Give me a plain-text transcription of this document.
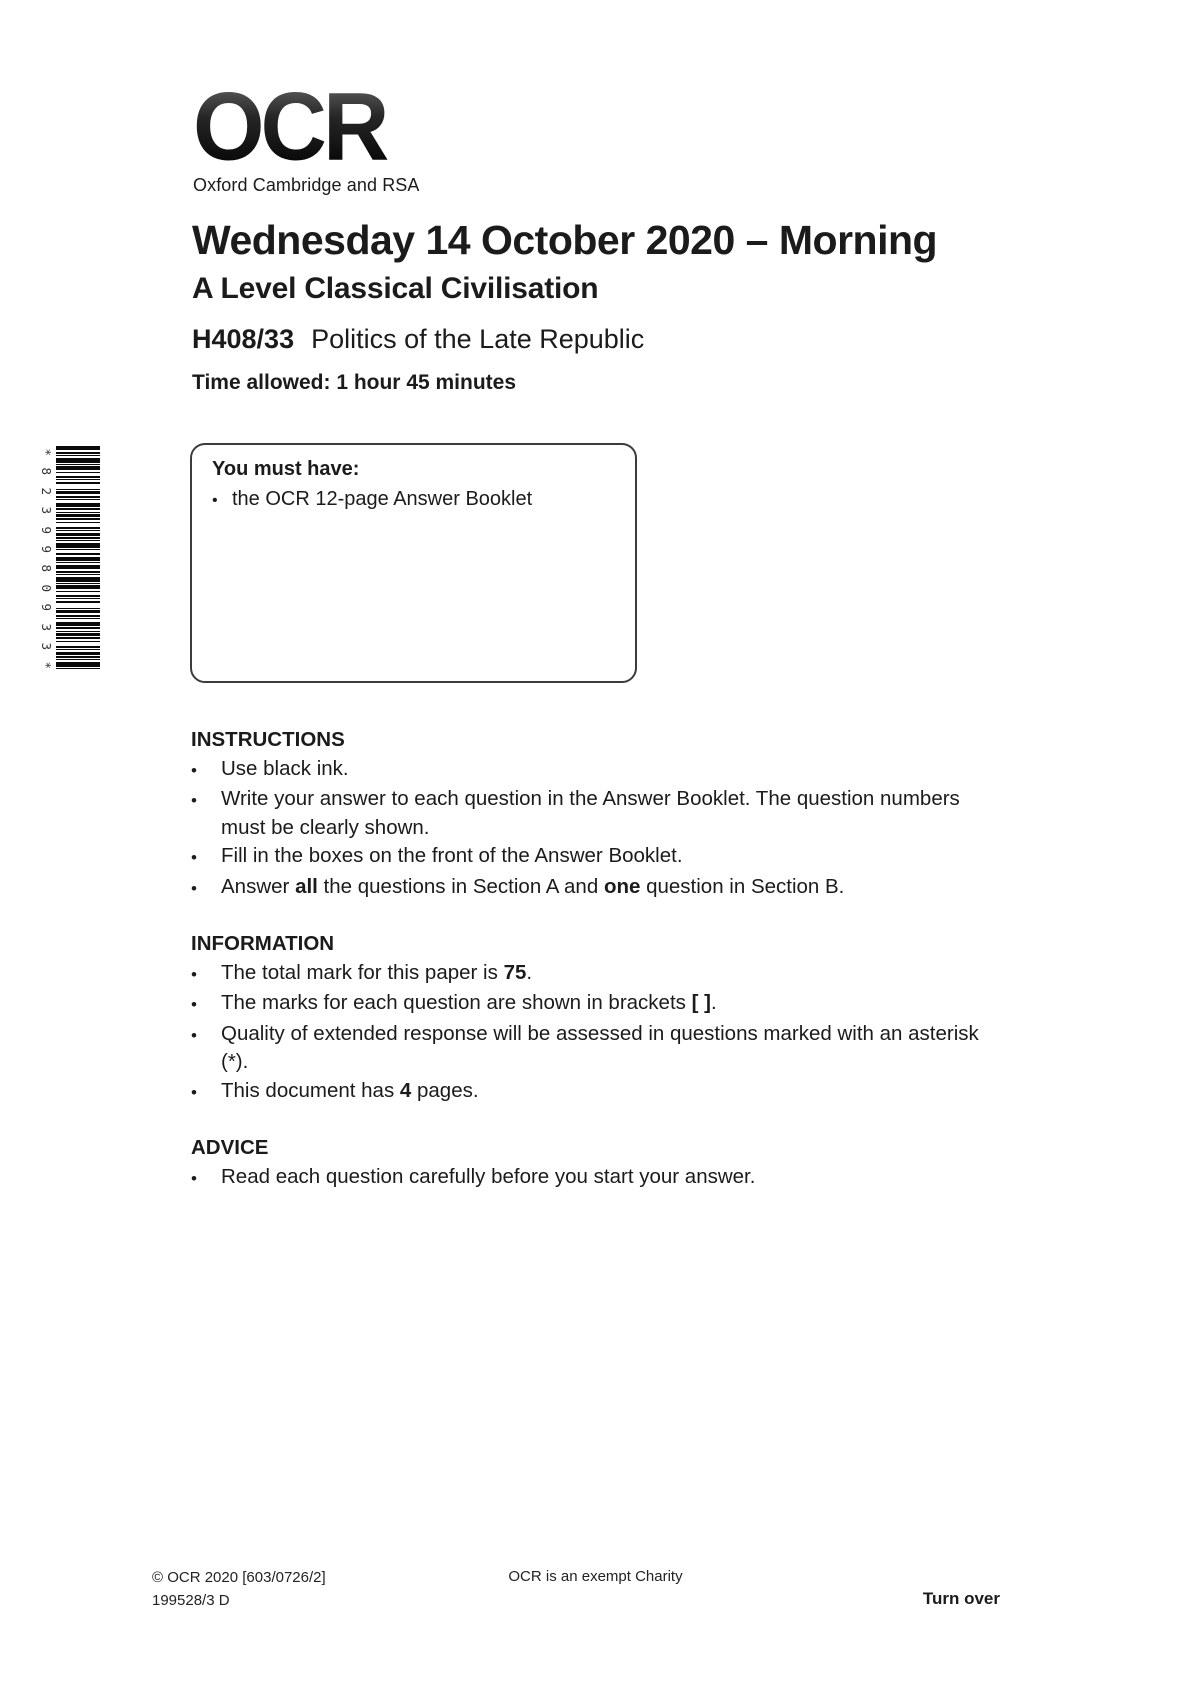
OCR
Oxford Cambridge and RSA
Wednesday 14 October 2020 – Morning
A Level Classical Civilisation
H408/33 Politics of the Late Republic
Time allowed: 1 hour 45 minutes
*
8
2
3
9
9
8
0
9
3
3
*
You must have:
• the OCR 12-page Answer Booklet
INSTRUCTIONS
•	Use black ink.
•	Write your answer to each question in the Answer Booklet. The question numbers must be clearly shown.
•	Fill in the boxes on the front of the Answer Booklet.
•	Answer all the questions in Section A and one question in Section B.
INFORMATION
•	The total mark for this paper is 75.
•	The marks for each question are shown in brackets [ ].
•	Quality of extended response will be assessed in questions marked with an asterisk (*).
•	This document has 4 pages.
ADVICE
•	Read each question carefully before you start your answer.
© OCR 2020 [603/0726/2]
199528/3 D
OCR is an exempt Charity
Turn over
